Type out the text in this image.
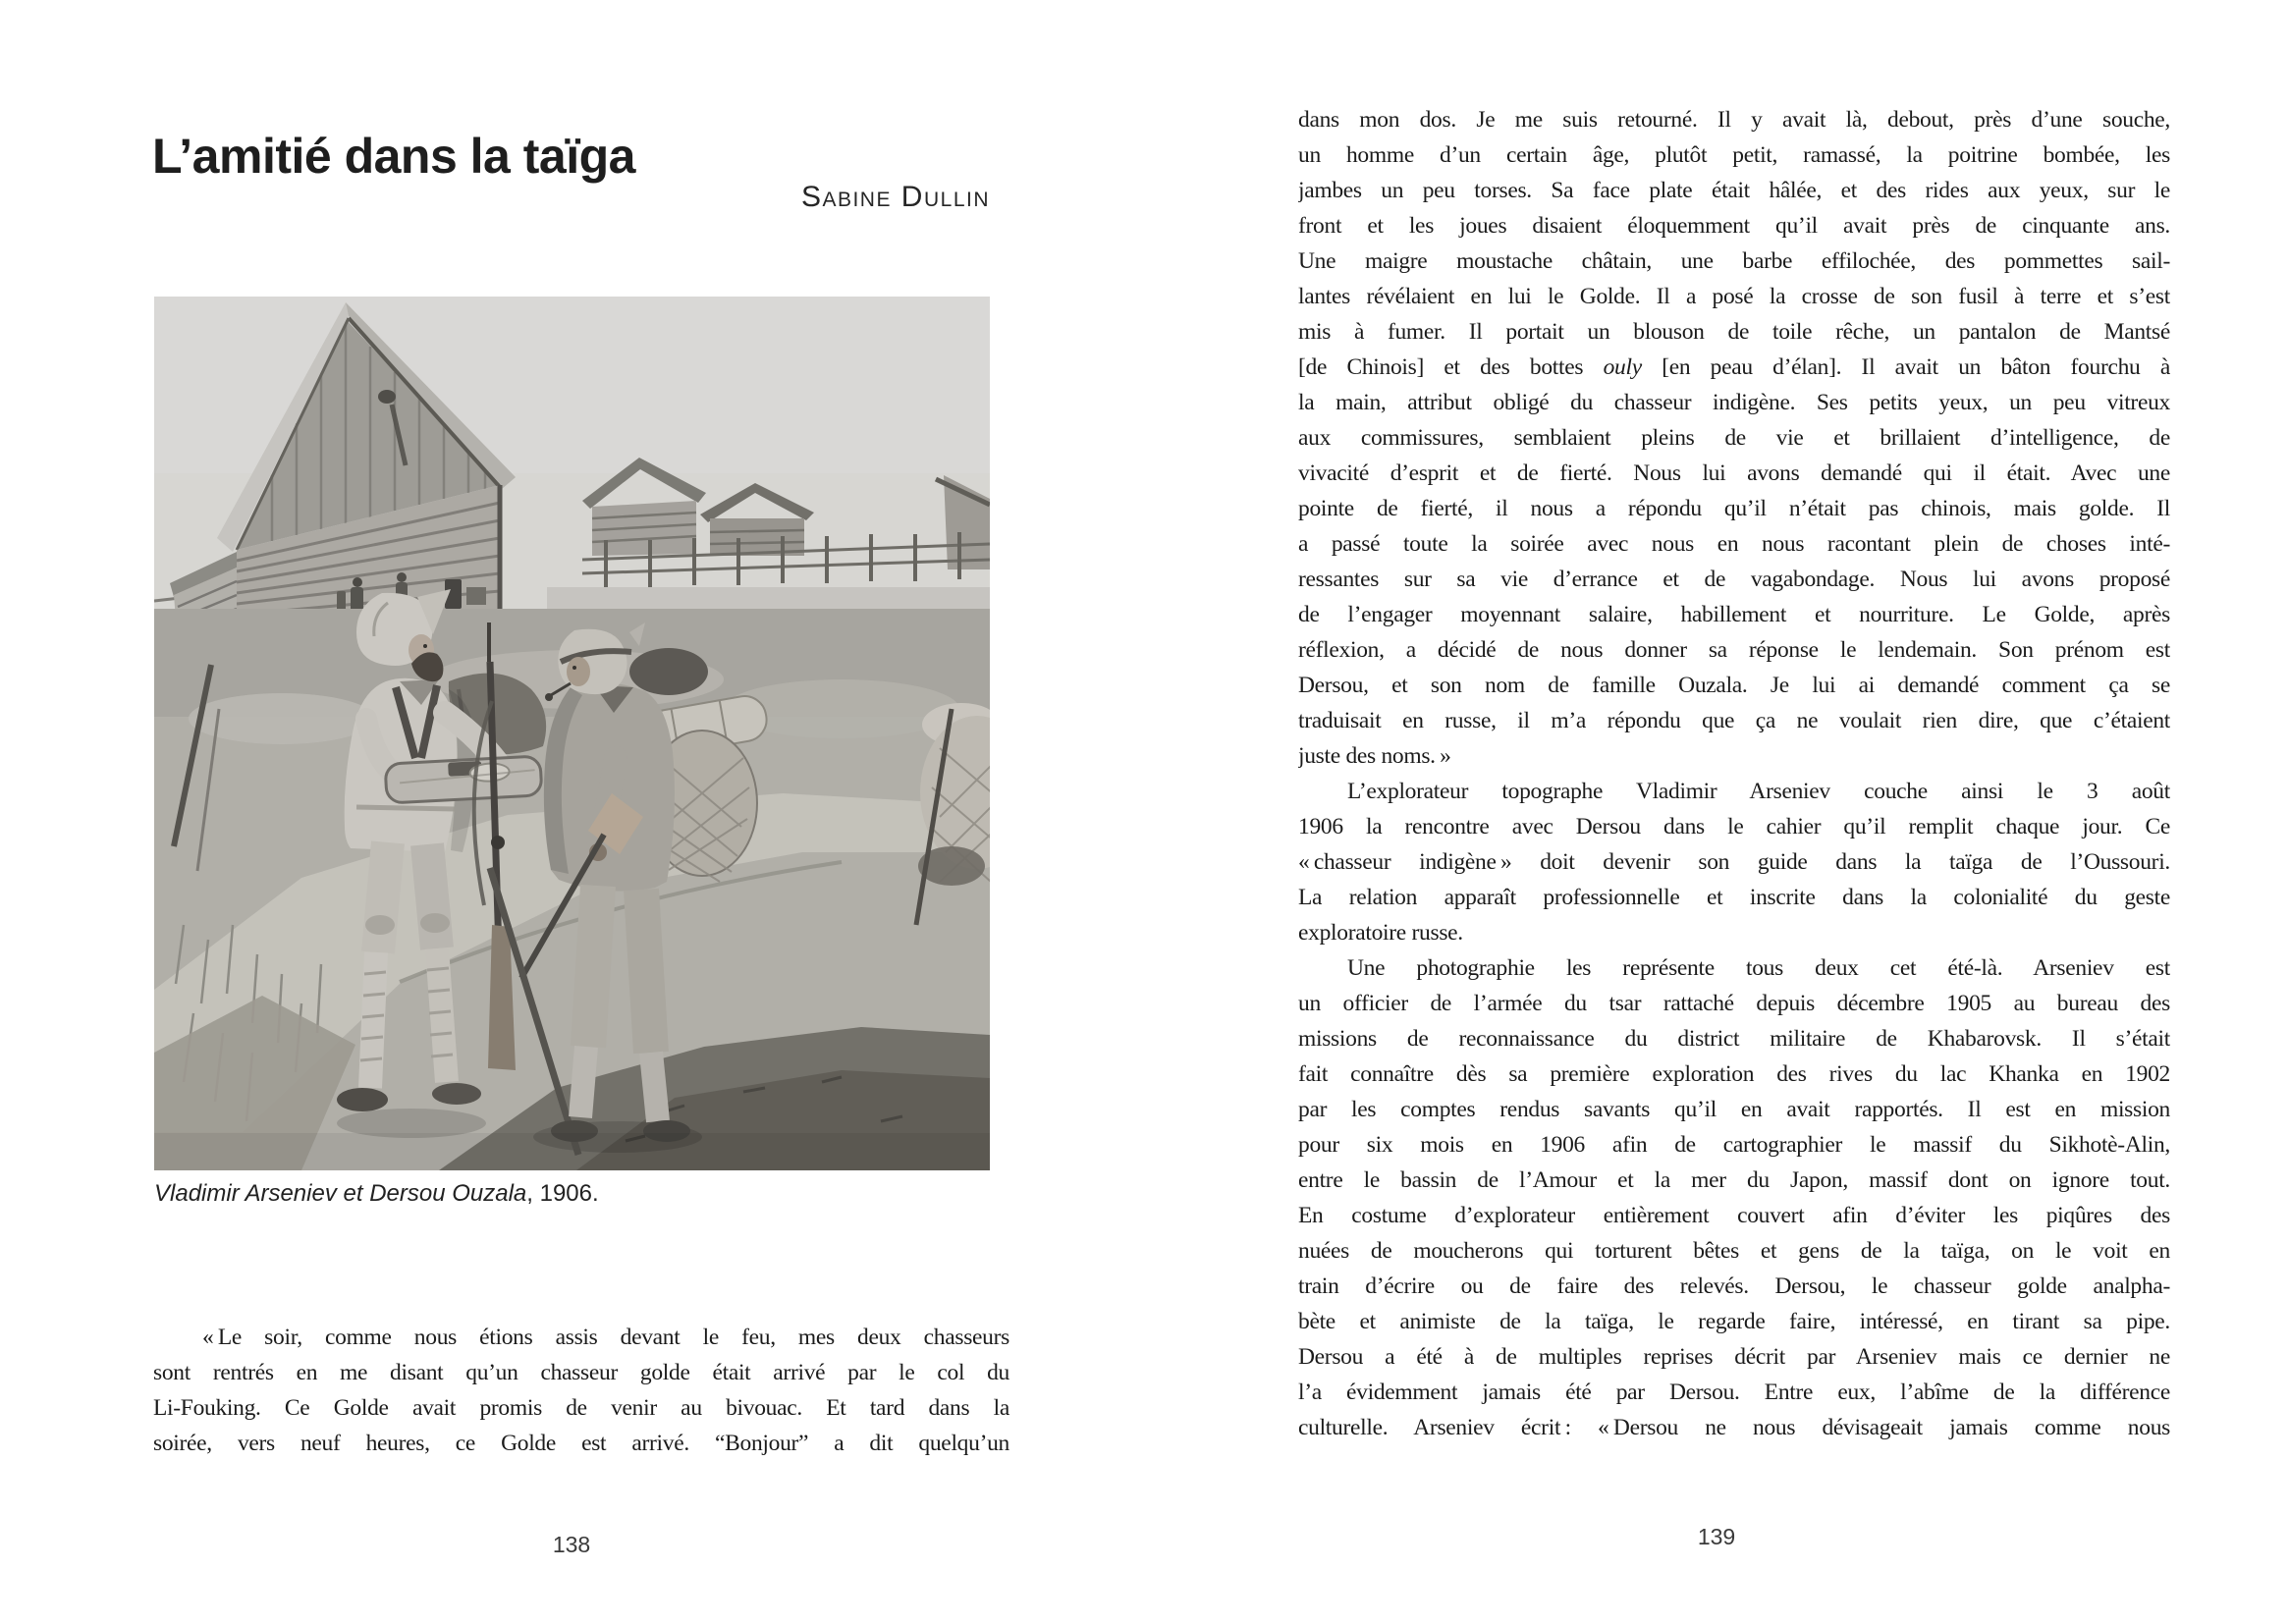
L’amitié dans la taïga
Sabine Dullin
Vladimir Arseniev et Dersou Ouzala, 1906.
« Le soir, comme nous étions assis devant le feu, mes deux chasseurs
sont rentrés en me disant qu’un chasseur golde était arrivé par le col du
Li-Fouking. Ce Golde avait promis de venir au bivouac. Et tard dans la
soirée, vers neuf heures, ce Golde est arrivé. “Bonjour” a dit quelqu’un
138
dans mon dos. Je me suis retourné. Il y avait là, debout, près d’une souche,
un homme d’un certain âge, plutôt petit, ramassé, la poitrine bombée, les
jambes un peu torses. Sa face plate était hâlée, et des rides aux yeux, sur le
front et les joues disaient éloquemment qu’il avait près de cinquante ans.
Une maigre moustache châtain, une barbe effilochée, des pommettes sail-
lantes révélaient en lui le Golde. Il a posé la crosse de son fusil à terre et s’est
mis à fumer. Il portait un blouson de toile rêche, un pantalon de Mantsé
[de Chinois] et des bottes ouly [en peau d’élan]. Il avait un bâton fourchu à
la main, attribut obligé du chasseur indigène. Ses petits yeux, un peu vitreux
aux commissures, semblaient pleins de vie et brillaient d’intelligence, de
vivacité d’esprit et de fierté. Nous lui avons demandé qui il était. Avec une
pointe de fierté, il nous a répondu qu’il n’était pas chinois, mais golde. Il
a passé toute la soirée avec nous en nous racontant plein de choses inté-
ressantes sur sa vie d’errance et de vagabondage. Nous lui avons proposé
de l’engager moyennant salaire, habillement et nourriture. Le Golde, après
réflexion, a décidé de nous donner sa réponse le lendemain. Son prénom est
Dersou, et son nom de famille Ouzala. Je lui ai demandé comment ça se
traduisait en russe, il m’a répondu que ça ne voulait rien dire, que c’étaient
juste des noms. »
L’explorateur topographe Vladimir Arseniev couche ainsi le 3 août
1906 la rencontre avec Dersou dans le cahier qu’il remplit chaque jour. Ce
« chasseur indigène » doit devenir son guide dans la taïga de l’Oussouri.
La relation apparaît professionnelle et inscrite dans la colonialité du geste
exploratoire russe.
Une photographie les représente tous deux cet été-là. Arseniev est
un officier de l’armée du tsar rattaché depuis décembre 1905 au bureau des
missions de reconnaissance du district militaire de Khabarovsk. Il s’était
fait connaître dès sa première exploration des rives du lac Khanka en 1902
par les comptes rendus savants qu’il en avait rapportés. Il est en mission
pour six mois en 1906 afin de cartographier le massif du Sikhotè-Alin,
entre le bassin de l’Amour et la mer du Japon, massif dont on ignore tout.
En costume d’explorateur entièrement couvert afin d’éviter les piqûres des
nuées de moucherons qui torturent bêtes et gens de la taïga, on le voit en
train d’écrire ou de faire des relevés. Dersou, le chasseur golde analpha-
bète et animiste de la taïga, le regarde faire, intéressé, en tirant sa pipe.
Dersou a été à de multiples reprises décrit par Arseniev mais ce dernier ne
l’a évidemment jamais été par Dersou. Entre eux, l’abîme de la différence
culturelle. Arseniev écrit : « Dersou ne nous dévisageait jamais comme nous
139
